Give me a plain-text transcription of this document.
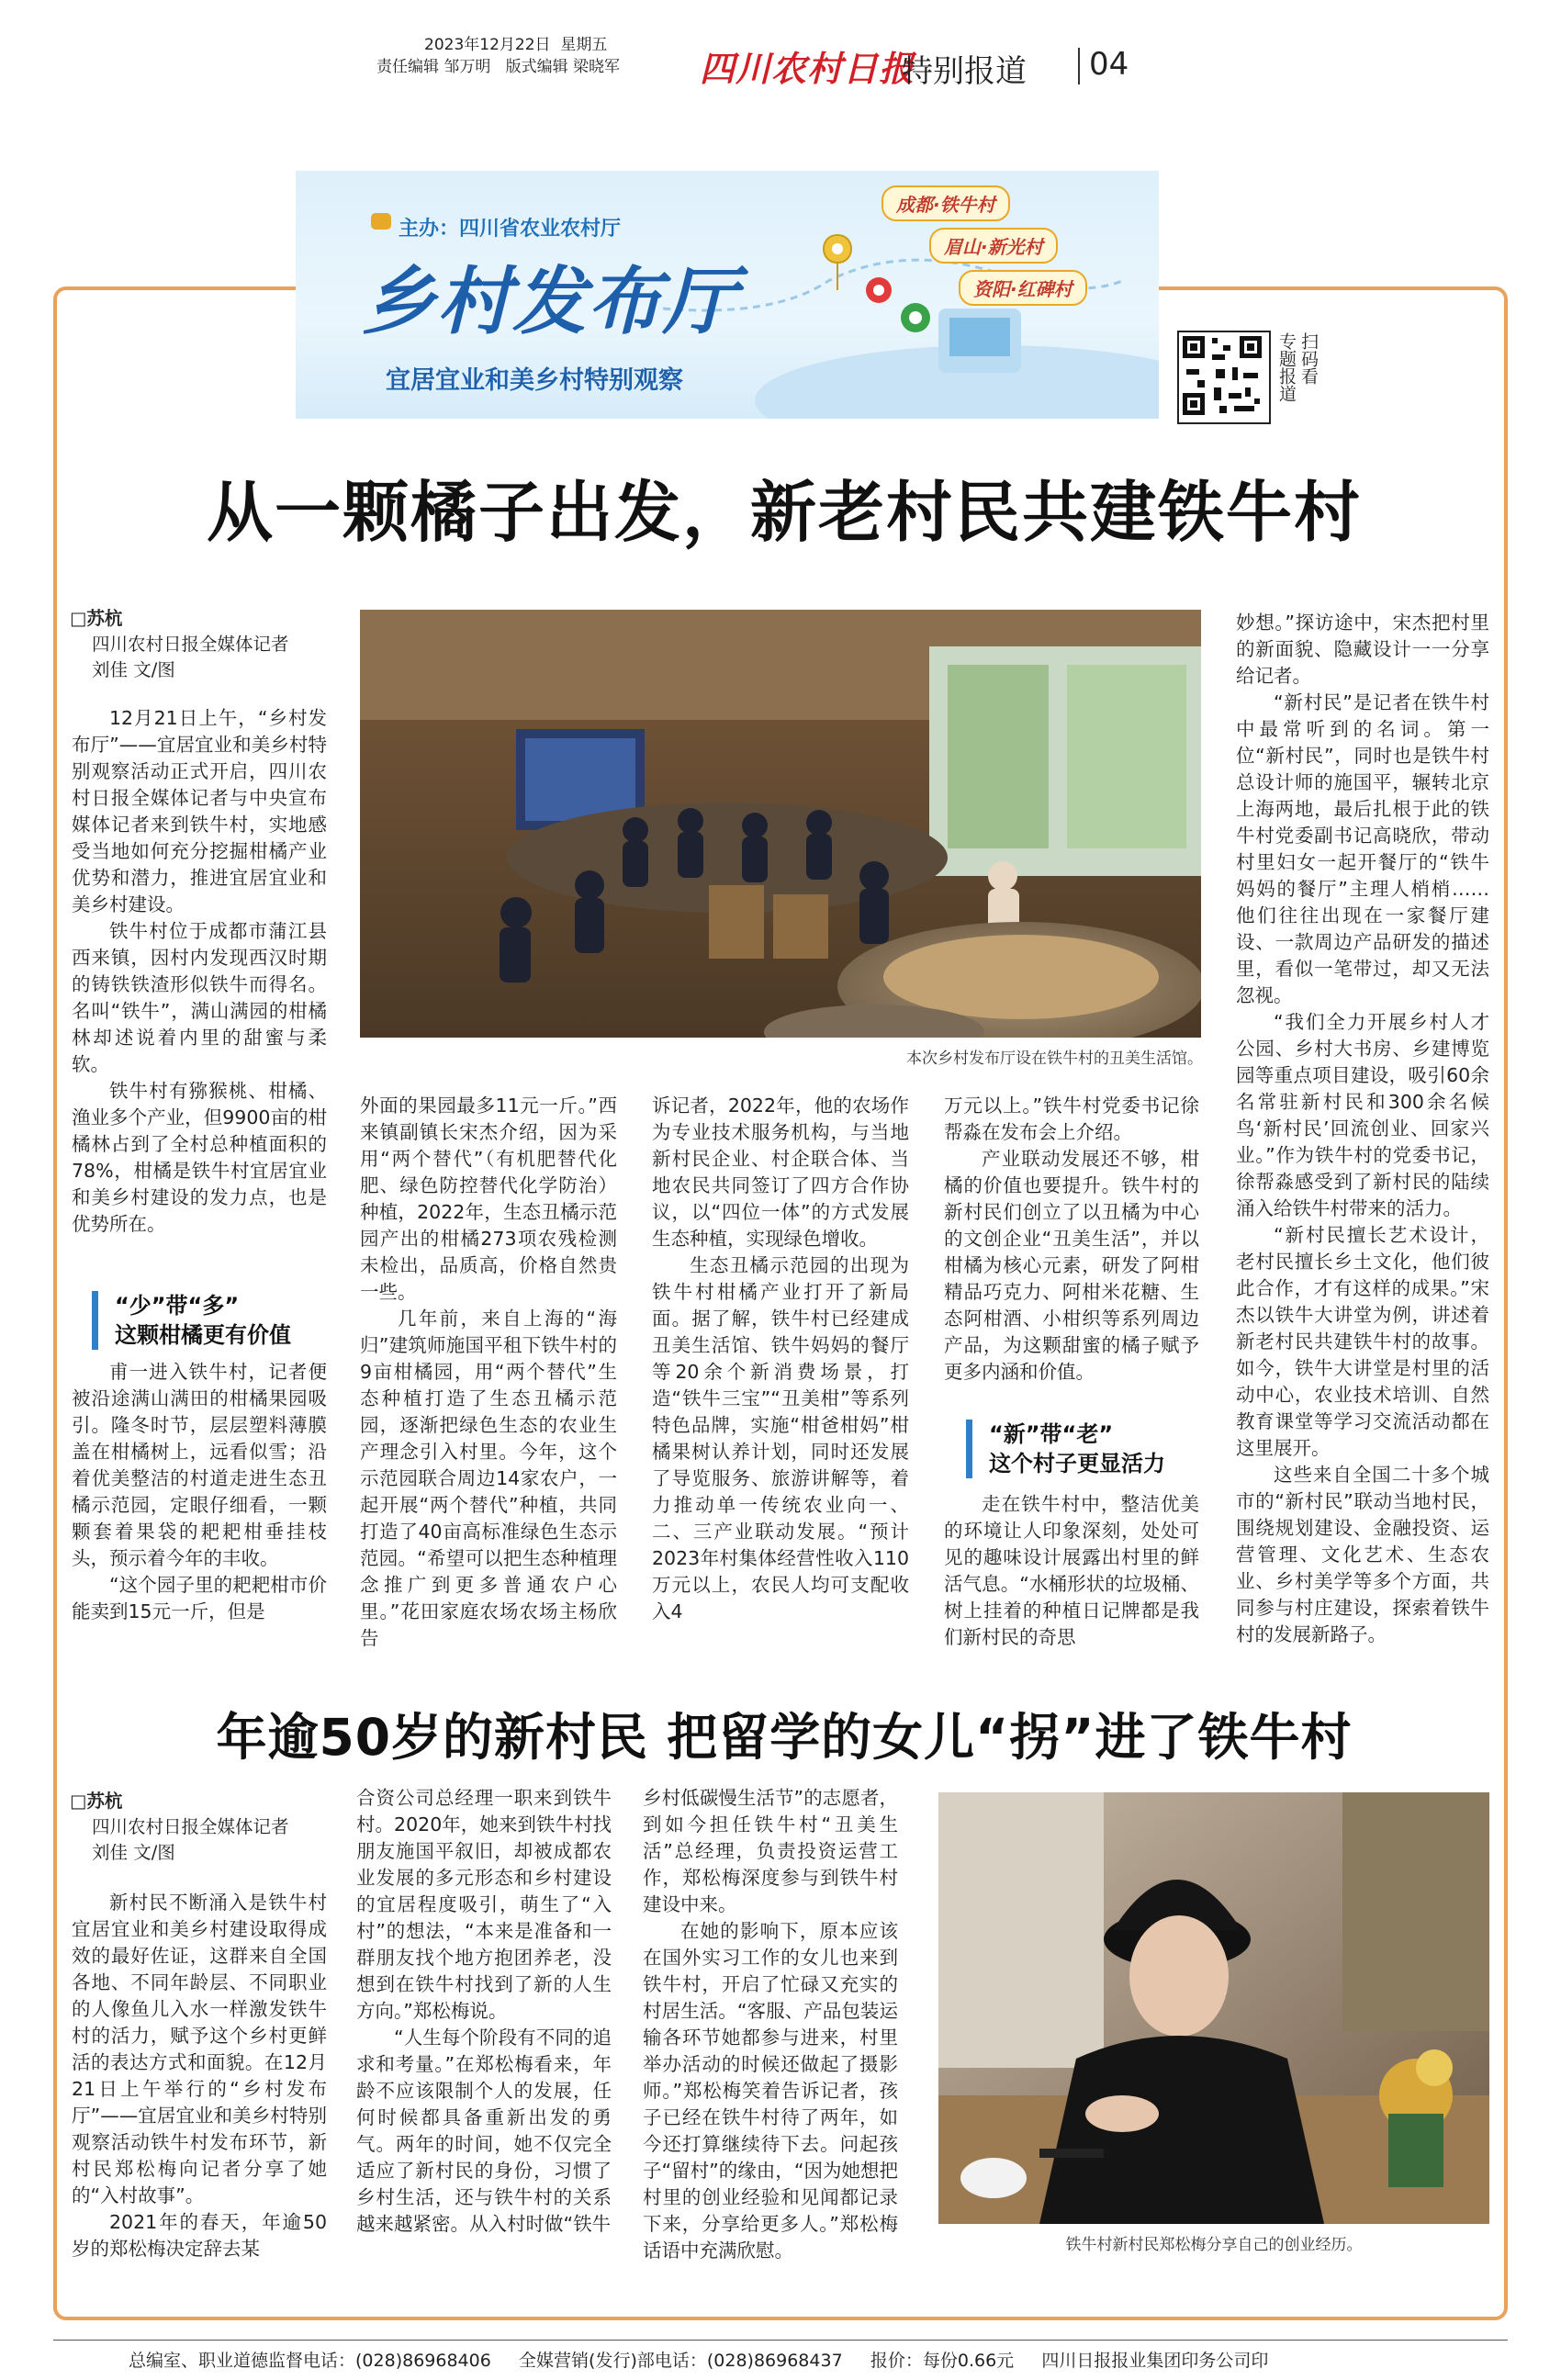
2023年12月22日 星期五
责任编辑 邹万明 版式编辑 梁晓军	四川农村日报
特别报道 04
主办：四川省农业农村厅
乡村发布厅
宜居宜业和美乡村特别观察
成都·铁牛村
眉山·新光村
资阳·红碑村
扫码看
专题报道
从一颗橘子出发，新老村民共建铁牛村
□苏杭
四川农村日报全媒体记者
刘佳 文/图
本次乡村发布厅设在铁牛村的丑美生活馆。

12月21日上午，“乡村发布厅”——宜居宜业和美乡村特别观察活动正式开启，四川农村日报全媒体记者与中央宣布媒体记者来到铁牛村，实地感受当地如何充分挖掘柑橘产业优势和潜力，推进宜居宜业和美乡村建设。

铁牛村位于成都市蒲江县西来镇，因村内发现西汉时期的铸铁铁渣形似铁牛而得名。名叫“铁牛”，满山满园的柑橘林却述说着内里的甜蜜与柔软。

铁牛村有猕猴桃、柑橘、渔业多个产业，但9900亩的柑橘林占到了全村总种植面积的78%，柑橘是铁牛村宜居宜业和美乡村建设的发力点，也是优势所在。

“少”带“多”
这颗柑橘更有价值

甫一进入铁牛村，记者便被沿途满山满田的柑橘果园吸引。隆冬时节，层层塑料薄膜盖在柑橘树上，远看似雪；沿着优美整洁的村道走进生态丑橘示范园，定眼仔细看，一颗颗套着果袋的耙耙柑垂挂枝头，预示着今年的丰收。

“这个园子里的耙耙柑市价能卖到15元一斤，但是

外面的果园最多11元一斤。”西来镇副镇长宋杰介绍，因为采用“两个替代”（有机肥替代化肥、绿色防控替代化学防治）种植，2022年，生态丑橘示范园产出的柑橘273项农残检测未检出，品质高，价格自然贵一些。

几年前，来自上海的“海归”建筑师施国平租下铁牛村的9亩柑橘园，用“两个替代”生态种植打造了生态丑橘示范园，逐渐把绿色生态的农业生产理念引入村里。今年，这个示范园联合周边14家农户，一起开展“两个替代”种植，共同打造了40亩高标准绿色生态示范园。“希望可以把生态种植理念推广到更多普通农户心里。”花田家庭农场农场主杨欣告

诉记者，2022年，他的农场作为专业技术服务机构，与当地新村民企业、村企联合体、当地农民共同签订了四方合作协议，以“四位一体”的方式发展生态种植，实现绿色增收。

生态丑橘示范园的出现为铁牛村柑橘产业打开了新局面。据了解，铁牛村已经建成丑美生活馆、铁牛妈妈的餐厅等20余个新消费场景，打造“铁牛三宝”“丑美柑”等系列特色品牌，实施“柑爸柑妈”柑橘果树认养计划，同时还发展了导览服务、旅游讲解等，着力推动单一传统农业向一、二、三产业联动发展。“预计2023年村集体经营性收入110万元以上，农民人均可支配收入4

万元以上。”铁牛村党委书记徐帮淼在发布会上介绍。

产业联动发展还不够，柑橘的价值也要提升。铁牛村的新村民们创立了以丑橘为中心的文创企业“丑美生活”，并以柑橘为核心元素，研发了阿柑精品巧克力、阿柑米花糖、生态阿柑酒、小柑织等系列周边产品，为这颗甜蜜的橘子赋予更多内涵和价值。

“新”带“老”
这个村子更显活力

走在铁牛村中，整洁优美的环境让人印象深刻，处处可见的趣味设计展露出村里的鲜活气息。“水桶形状的垃圾桶、树上挂着的种植日记牌都是我们新村民的奇思

妙想。”探访途中，宋杰把村里的新面貌、隐藏设计一一分享给记者。

“新村民”是记者在铁牛村中最常听到的名词。第一位“新村民”，同时也是铁牛村总设计师的施国平，辗转北京上海两地，最后扎根于此的铁牛村党委副书记高晓欣，带动村里妇女一起开餐厅的“铁牛妈妈的餐厅”主理人梢梢……他们往往出现在一家餐厅建设、一款周边产品研发的描述里，看似一笔带过，却又无法忽视。

“我们全力开展乡村人才公园、乡村大书房、乡建博览园等重点项目建设，吸引60余名常驻新村民和300余名候鸟‘新村民’回流创业、回家兴业。”作为铁牛村的党委书记，徐帮淼感受到了新村民的陆续涌入给铁牛村带来的活力。

“新村民擅长艺术设计，老村民擅长乡土文化，他们彼此合作，才有这样的成果。”宋杰以铁牛大讲堂为例，讲述着新老村民共建铁牛村的故事。如今，铁牛大讲堂是村里的活动中心，农业技术培训、自然教育课堂等学习交流活动都在这里展开。

这些来自全国二十多个城市的“新村民”联动当地村民，围绕规划建设、金融投资、运营管理、文化艺术、生态农业、乡村美学等多个方面，共同参与村庄建设，探索着铁牛村的发展新路子。

年逾50岁的新村民 把留学的女儿“拐”进了铁牛村
□苏杭
四川农村日报全媒体记者
刘佳 文/图

新村民不断涌入是铁牛村宜居宜业和美乡村建设取得成效的最好佐证，这群来自全国各地、不同年龄层、不同职业的人像鱼儿入水一样激发铁牛村的活力，赋予这个乡村更鲜活的表达方式和面貌。在12月21日上午举行的“乡村发布厅”——宜居宜业和美乡村特别观察活动铁牛村发布环节，新村民郑松梅向记者分享了她的“入村故事”。

2021年的春天，年逾50岁的郑松梅决定辞去某

合资公司总经理一职来到铁牛村。2020年，她来到铁牛村找朋友施国平叙旧，却被成都农业发展的多元形态和乡村建设的宜居程度吸引，萌生了“入村”的想法，“本来是准备和一群朋友找个地方抱团养老，没想到在铁牛村找到了新的人生方向。”郑松梅说。

“人生每个阶段有不同的追求和考量。”在郑松梅看来，年龄不应该限制个人的发展，任何时候都具备重新出发的勇气。两年的时间，她不仅完全适应了新村民的身份，习惯了乡村生活，还与铁牛村的关系越来越紧密。从入村时做“铁牛

乡村低碳慢生活节”的志愿者，到如今担任铁牛村“丑美生活”总经理，负责投资运营工作，郑松梅深度参与到铁牛村建设中来。

在她的影响下，原本应该在国外实习工作的女儿也来到铁牛村，开启了忙碌又充实的村居生活。“客服、产品包装运输各环节她都参与进来，村里举办活动的时候还做起了摄影师。”郑松梅笑着告诉记者，孩子已经在铁牛村待了两年，如今还打算继续待下去。问起孩子“留村”的缘由，“因为她想把村里的创业经验和见闻都记录下来，分享给更多人。”郑松梅话语中充满欣慰。	铁牛村新村民郑松梅分享自己的创业经历。
总编室、职业道德监督电话：(028)86968406 全媒营销(发行)部电话：(028)86968437 报价：每份0.66元 四川日报报业集团印务公司印
